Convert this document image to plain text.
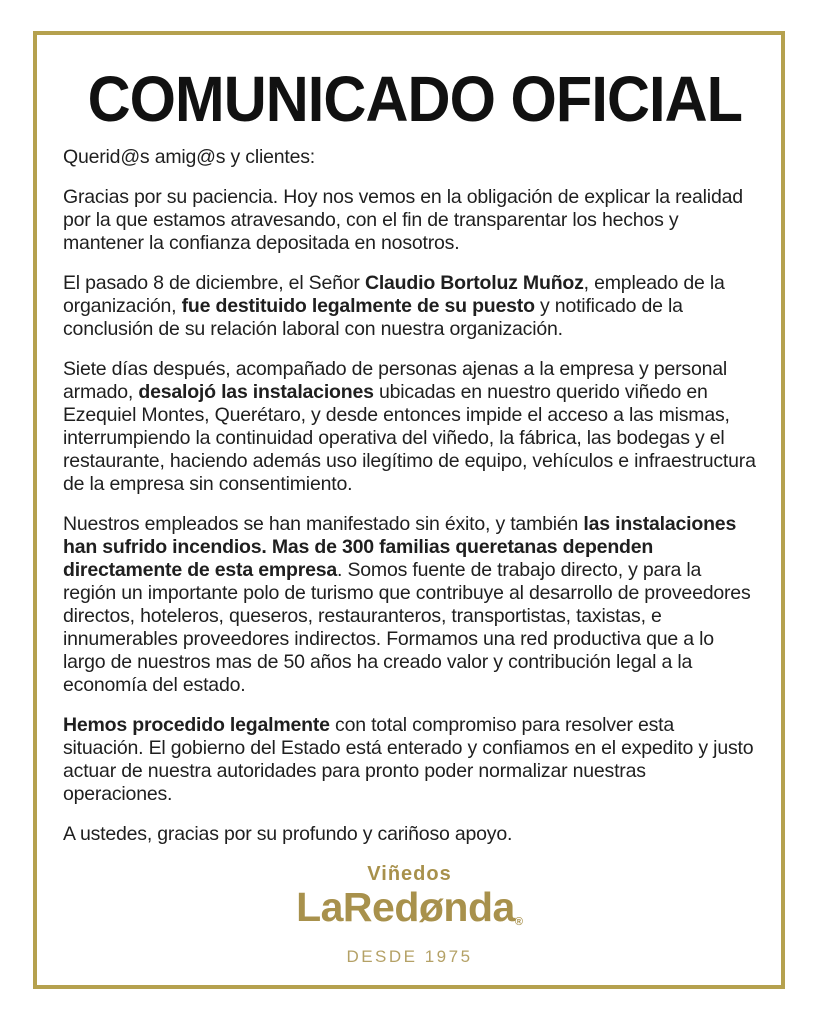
COMUNICADO OFICIAL

Querid@s amig@s y clientes:

Gracias por su paciencia. Hoy nos vemos en la obligación de explicar la realidad por la que estamos atravesando, con el fin de transparentar los hechos y mantener la confianza depositada en nosotros.

El pasado 8 de diciembre, el Señor Claudio Bortoluz Muñoz, empleado de la organización, fue destituido legalmente de su puesto y notificado de la conclusión de su relación laboral con nuestra organización.

Siete días después, acompañado de personas ajenas a la empresa y personal armado, desalojó las instalaciones ubicadas en nuestro querido viñedo en Ezequiel Montes, Querétaro, y desde entonces impide el acceso a las mismas, interrumpiendo la continuidad operativa del viñedo, la fábrica, las bodegas y el restaurante, haciendo además uso ilegítimo de equipo, vehículos e infraestructura de la empresa sin consentimiento.

Nuestros empleados se han manifestado sin éxito, y también las instalaciones han sufrido incendios. Mas de 300 familias queretanas dependen directamente de esta empresa. Somos fuente de trabajo directo, y para la región un importante polo de turismo que contribuye al desarrollo de proveedores directos, hoteleros, queseros, restauranteros, transportistas, taxistas, e innumerables proveedores indirectos. Formamos una red productiva que a lo largo de nuestros mas de 50 años ha creado valor y contribución legal a la economía del estado.

Hemos procedido legalmente con total compromiso para resolver esta situación. El gobierno del Estado está enterado y confiamos en el expedito y justo actuar de nuestra autoridades para pronto poder normalizar nuestras operaciones.

A ustedes, gracias por su profundo y cariñoso apoyo.

Viñedos
LaRedønda®
DESDE 1975
